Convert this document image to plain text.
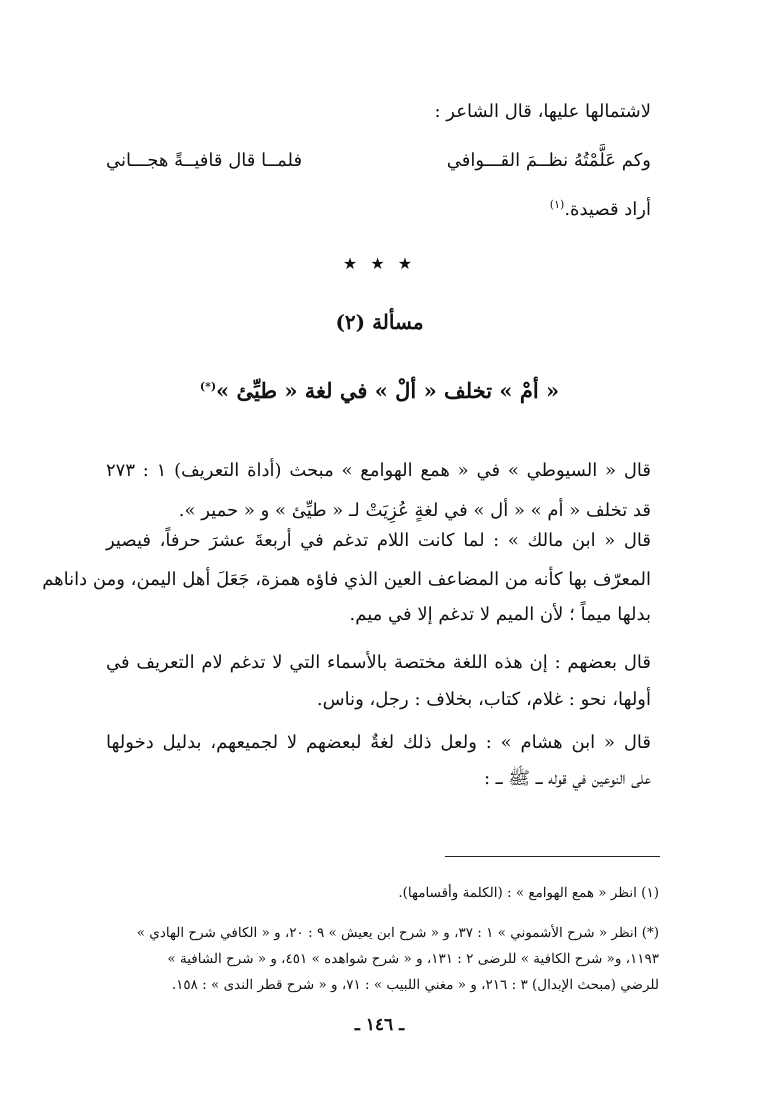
لاشتمالها عليها، قال الشاعر :
وكم عَلَّمْتُهُ نظــمَ القـــوافي
فلمــا قال قافيــةً هجـــاني
أراد قصيدة.$^{(١)}$
★ ★ ★
مسألة (٢)
« أمْ » تخلف « ألْ » في لغة « طيِّئ »(*)
قال « السيوطي » في « همع الهوامع » مبحث (أداة التعريف) ١ : ٢٧٣
قد تخلف « أم » « أل » في لغةٍ عُزِيَتْ لـ « طيِّئ » و « حمير ».
قال « ابن مالك » : لما كانت اللام تدغم في أربعةَ عشرَ حرفاً، فيصير
المعرّف بها كأنه من المضاعف العين الذي فاؤه همزة، جَعَلَ أهل اليمن، ومن داناهم
بدلها ميماً ؛ لأن الميم لا تدغم إلا في ميم.
قال بعضهم : إن هذه اللغة مختصة بالأسماء التي لا تدغم لام التعريف في
أولها، نحو : غلام، كتاب، بخلاف : رجل، وناس.
قال « ابن هشام » : ولعل ذلك لغةٌ لبعضهم لا لجميعهم، بدليل دخولها
على النوعين في قوله ـــ ﷺ ـــ :
(١) انظر « همع الهوامع » : (الكلمة وأقسامها).
(*) انظر « شرح الأشموني » ١ : ٣٧، و « شرح ابن يعيش » ٩ : ٢٠، و « الكافي شرح الهادي »
١١٩٣، و« شرح الكافية » للرضى ٢ : ١٣١، و « شرح شواهده » ٤٥١، و « شرح الشافية »
للرضي (مبحث الإبدال) ٣ : ٢١٦، و « مغني اللبيب » : ٧١، و « شرح قطر الندى » : ١٥٨.
ـ ١٤٦ ـ
